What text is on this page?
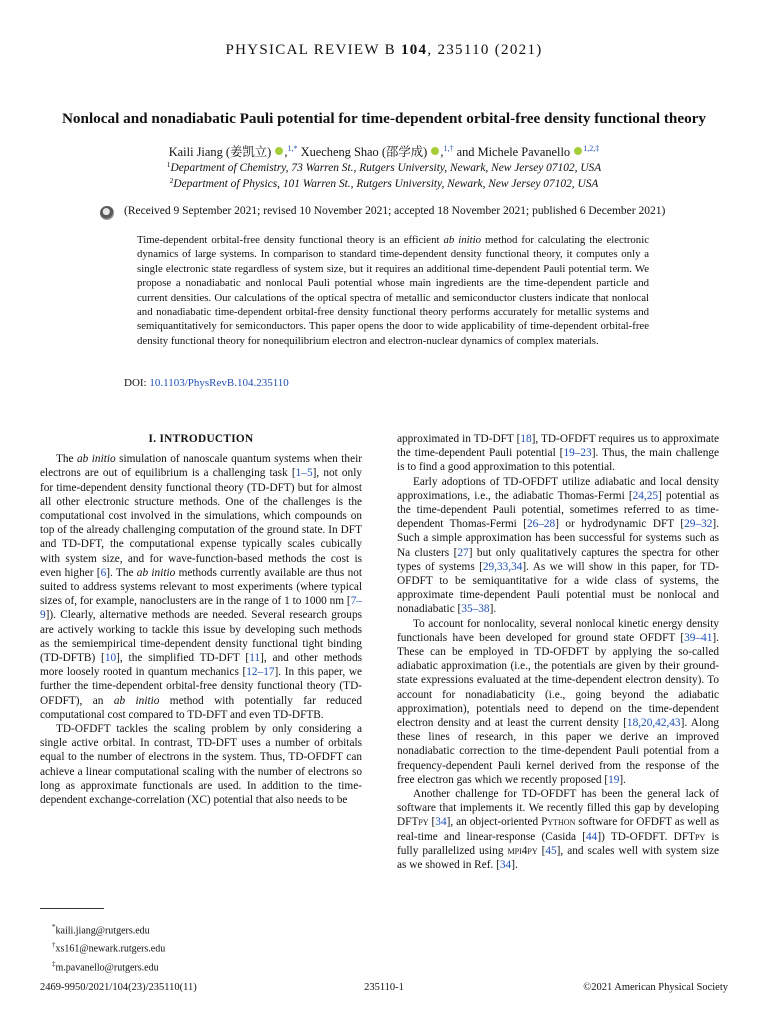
PHYSICAL REVIEW B 104, 235110 (2021)
Nonlocal and nonadiabatic Pauli potential for time-dependent orbital-free density functional theory
Kaili Jiang (姜凯立) ,$^{1,*}$ Xuecheng Shao (邵学成) ,$^{1,\dagger}$ and Michele Pavanello $^{1,2,\ddagger}$
$^1$Department of Chemistry, 73 Warren St., Rutgers University, Newark, New Jersey 07102, USA
$^2$Department of Physics, 101 Warren St., Rutgers University, Newark, New Jersey 07102, USA
(Received 9 September 2021; revised 10 November 2021; accepted 18 November 2021; published 6 December 2021)

Time-dependent orbital-free density functional theory is an efficient ab initio method for calculating the electronic dynamics of large systems. In comparison to standard time-dependent density functional theory, it computes only a single electronic state regardless of system size, but it requires an additional time-dependent Pauli potential term. We propose a nonadiabatic and nonlocal Pauli potential whose main ingredients are the time-dependent particle and current densities. Our calculations of the optical spectra of metallic and semiconductor clusters indicate that nonlocal and nonadiabatic time-dependent orbital-free density functional theory performs accurately for metallic systems and semiquantitatively for semiconductors. This paper opens the door to wide applicability of time-dependent orbital-free density functional theory for nonequilibrium electron and electron-nuclear dynamics of complex materials.

DOI: 10.1103/PhysRevB.104.235110
I. INTRODUCTION

The ab initio simulation of nanoscale quantum systems when their electrons are out of equilibrium is a challenging task [1–5], not only for time-dependent density functional theory (TD-DFT) but for almost all other electronic structure methods. One of the challenges is the computational cost involved in the simulations, which compounds on top of the already challenging computation of the ground state. In DFT and TD-DFT, the computational expense typically scales cubically with system size, and for wave-function-based methods the cost is even higher [6]. The ab initio methods currently available are thus not suited to address systems relevant to most experiments (where typical sizes of, for example, nanoclusters are in the range of 1 to 1000 nm [7–9]). Clearly, alternative methods are needed. Several research groups are actively working to tackle this issue by developing such methods as the semiempirical time-dependent density functional tight binding (TD-DFTB) [10], the simplified TD-DFT [11], and other methods more loosely rooted in quantum mechanics [12–17]. In this paper, we further the time-dependent orbital-free density functional theory (TD-OFDFT), an ab initio method with potentially far reduced computational cost compared to TD-DFT and even TD-DFTB.

TD-OFDFT tackles the scaling problem by only considering a single active orbital. In contrast, TD-DFT uses a number of orbitals equal to the number of electrons in the system. Thus, TD-OFDFT can achieve a linear computational scaling with the number of electrons so long as approximate functionals are used. In addition to the time-dependent exchange-correlation (XC) potential that also needs to be

approximated in TD-DFT [18], TD-OFDFT requires us to approximate the time-dependent Pauli potential [19–23]. Thus, the main challenge is to find a good approximation to this potential.

Early adoptions of TD-OFDFT utilize adiabatic and local density approximations, i.e., the adiabatic Thomas-Fermi [24,25] potential as the time-dependent Pauli potential, sometimes referred to as time-dependent Thomas-Fermi [26–28] or hydrodynamic DFT [29–32]. Such a simple approximation has been successful for systems such as Na clusters [27] but only qualitatively captures the spectra for other types of systems [29,33,34]. As we will show in this paper, for TD-OFDFT to be semiquantitative for a wide class of systems, the approximate time-dependent Pauli potential must be nonlocal and nonadiabatic [35–38].

To account for nonlocality, several nonlocal kinetic energy density functionals have been developed for ground state OFDFT [39–41]. These can be employed in TD-OFDFT by applying the so-called adiabatic approximation (i.e., the potentials are given by their ground-state expressions evaluated at the time-dependent electron density). To account for nonadiabaticity (i.e., going beyond the adiabatic approximation), potentials need to depend on the time-dependent electron density and at least the current density [18,20,42,43]. Along these lines of research, in this paper we derive an improved nonadiabatic correction to the time-dependent Pauli potential from a frequency-dependent Pauli kernel derived from the response of the free electron gas which we recently proposed [19].

Another challenge for TD-OFDFT has been the general lack of software that implements it. We recently filled this gap by developing DFTpy [34], an object-oriented Python software for OFDFT as well as real-time and linear-response (Casida [44]) TD-OFDFT. DFTpy is fully parallelized using mpi4py [45], and scales well with system size as we showed in Ref. [34].

*kaili.jiang@rutgers.edu
†xs161@newark.rutgers.edu
‡m.pavanello@rutgers.edu
2469-9950/2021/104(23)/235110(11)	235110-1	©2021 American Physical Society
